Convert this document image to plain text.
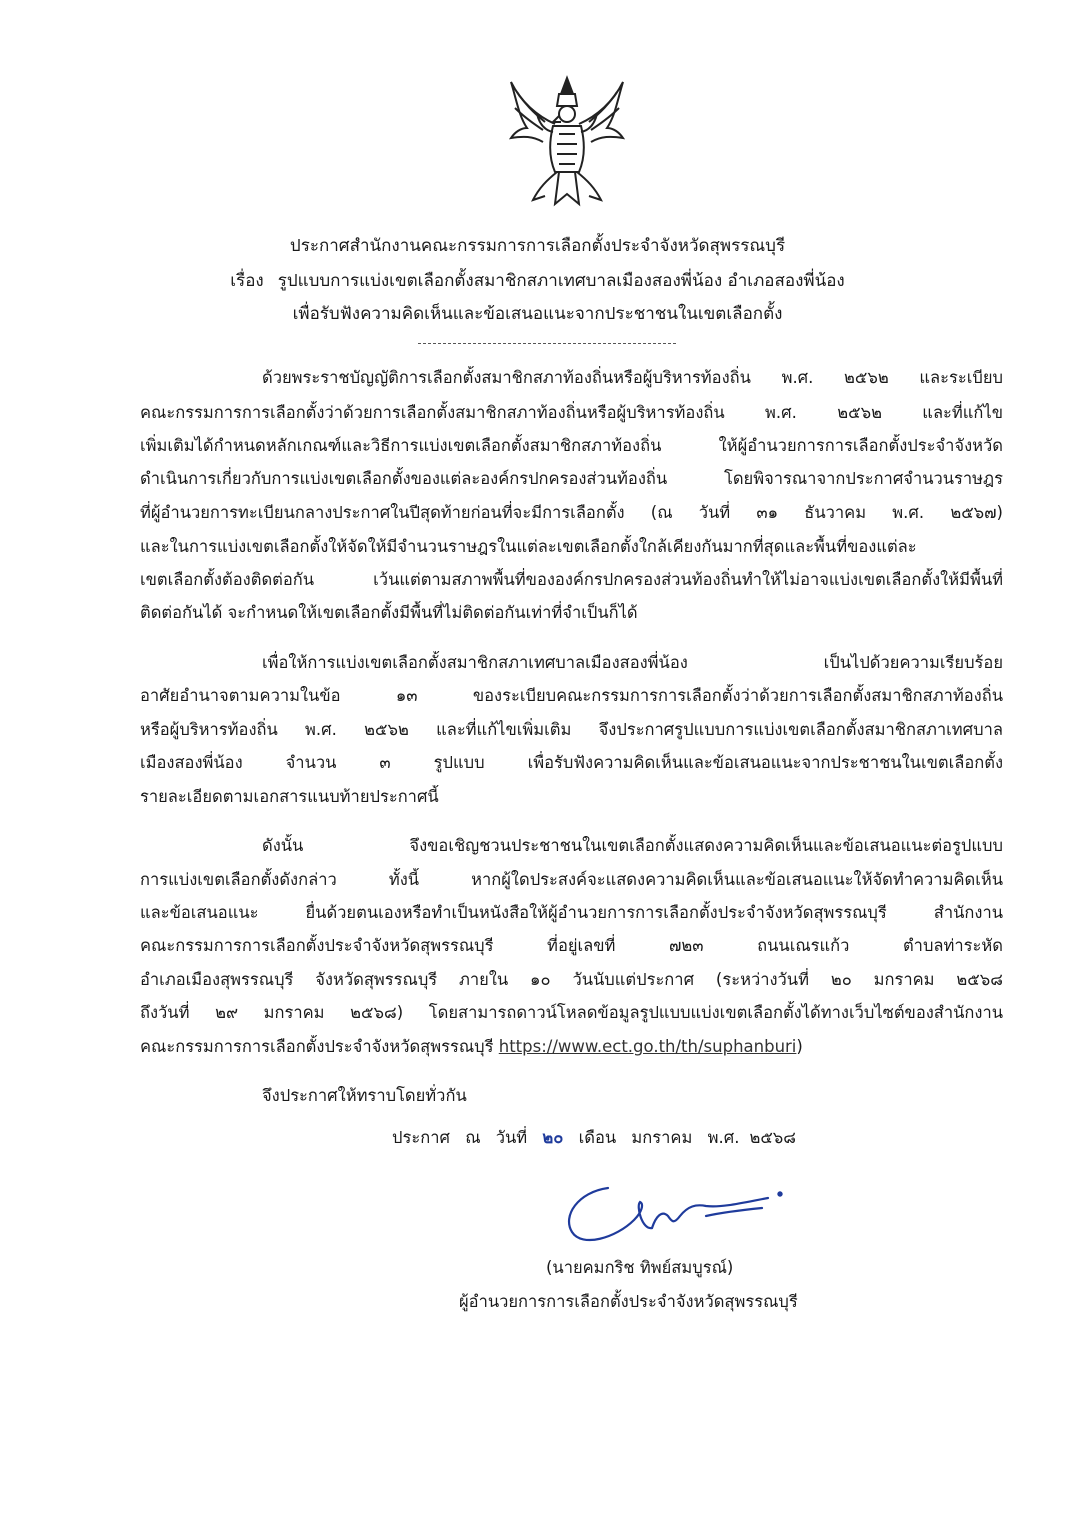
ประกาศสำนักงานคณะกรรมการการเลือกตั้งประจำจังหวัดสุพรรณบุรี
เรื่อง รูปแบบการแบ่งเขตเลือกตั้งสมาชิกสภาเทศบาลเมืองสองพี่น้อง อำเภอสองพี่น้อง
เพื่อรับฟังความคิดเห็นและข้อเสนอแนะจากประชาชนในเขตเลือกตั้ง
ด้วยพระราชบัญญัติการเลือกตั้งสมาชิกสภาท้องถิ่นหรือผู้บริหารท้องถิ่น พ.ศ. ๒๕๖๒ และระเบียบ
คณะกรรมการการเลือกตั้งว่าด้วยการเลือกตั้งสมาชิกสภาท้องถิ่นหรือผู้บริหารท้องถิ่น พ.ศ. ๒๕๖๒ และที่แก้ไข
เพิ่มเติมได้กำหนดหลักเกณฑ์และวิธีการแบ่งเขตเลือกตั้งสมาชิกสภาท้องถิ่น ให้ผู้อำนวยการการเลือกตั้งประจำจังหวัด
ดำเนินการเกี่ยวกับการแบ่งเขตเลือกตั้งของแต่ละองค์กรปกครองส่วนท้องถิ่น โดยพิจารณาจากประกาศจำนวนราษฎร
ที่ผู้อำนวยการทะเบียนกลางประกาศในปีสุดท้ายก่อนที่จะมีการเลือกตั้ง (ณ วันที่ ๓๑ ธันวาคม พ.ศ. ๒๕๖๗)
และในการแบ่งเขตเลือกตั้งให้จัดให้มีจำนวนราษฎรในแต่ละเขตเลือกตั้งใกล้เคียงกันมากที่สุดและพื้นที่ของแต่ละ
เขตเลือกตั้งต้องติดต่อกัน เว้นแต่ตามสภาพพื้นที่ขององค์กรปกครองส่วนท้องถิ่นทำให้ไม่อาจแบ่งเขตเลือกตั้งให้มีพื้นที่
ติดต่อกันได้ จะกำหนดให้เขตเลือกตั้งมีพื้นที่ไม่ติดต่อกันเท่าที่จำเป็นก็ได้
เพื่อให้การแบ่งเขตเลือกตั้งสมาชิกสภาเทศบาลเมืองสองพี่น้อง เป็นไปด้วยความเรียบร้อย
อาศัยอำนาจตามความในข้อ ๑๓ ของระเบียบคณะกรรมการการเลือกตั้งว่าด้วยการเลือกตั้งสมาชิกสภาท้องถิ่น
หรือผู้บริหารท้องถิ่น พ.ศ. ๒๕๖๒ และที่แก้ไขเพิ่มเติม จึงประกาศรูปแบบการแบ่งเขตเลือกตั้งสมาชิกสภาเทศบาล
เมืองสองพี่น้อง จำนวน ๓ รูปแบบ เพื่อรับฟังความคิดเห็นและข้อเสนอแนะจากประชาชนในเขตเลือกตั้ง
รายละเอียดตามเอกสารแนบท้ายประกาศนี้
ดังนั้น จึงขอเชิญชวนประชาชนในเขตเลือกตั้งแสดงความคิดเห็นและข้อเสนอแนะต่อรูปแบบ
การแบ่งเขตเลือกตั้งดังกล่าว ทั้งนี้ หากผู้ใดประสงค์จะแสดงความคิดเห็นและข้อเสนอแนะให้จัดทำความคิดเห็น
และข้อเสนอแนะ ยื่นด้วยตนเองหรือทำเป็นหนังสือให้ผู้อำนวยการการเลือกตั้งประจำจังหวัดสุพรรณบุรี สำนักงาน
คณะกรรมการการเลือกตั้งประจำจังหวัดสุพรรณบุรี ที่อยู่เลขที่ ๗๒๓ ถนนเณรแก้ว ตำบลท่าระหัด
อำเภอเมืองสุพรรณบุรี จังหวัดสุพรรณบุรี ภายใน ๑๐ วันนับแต่ประกาศ (ระหว่างวันที่ ๒๐ มกราคม ๒๕๖๘
ถึงวันที่ ๒๙ มกราคม ๒๕๖๘) โดยสามารถดาวน์โหลดข้อมูลรูปแบบแบ่งเขตเลือกตั้งได้ทางเว็บไซต์ของสำนักงาน
คณะกรรมการการเลือกตั้งประจำจังหวัดสุพรรณบุรี https://www.ect.go.th/th/suphanburi)
จึงประกาศให้ทราบโดยทั่วกัน
ประกาศ ณ วันที่ ๒๐ เดือน มกราคม พ.ศ. ๒๕๖๘
(นายคมกริช ทิพย์สมบูรณ์)
ผู้อำนวยการการเลือกตั้งประจำจังหวัดสุพรรณบุรี
